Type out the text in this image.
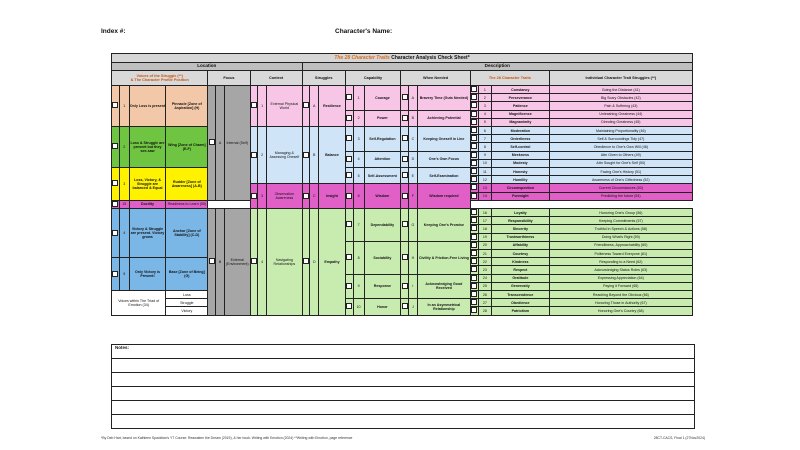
Index #:	Character's Name:
The 28 Character Traits Character Analysis Check Sheet*																						
Location										Description												
Voices of the Struggle (**)
& The Character Profile Position				Focus			Context			Struggles			Capability			When Needed			The 28 Character Traits			Individual Character Trait Struggles (**)
	1	Only Loss is present	Pinnacle [Zone of Aspiration] (H)		A	Internal (Self)		1	External Physical World		A	Resilience		1	Courage		A	Bravery Time (Guts Needed)		1	Constancy	Going the Distance (41)
																				2	Perseverance	Big Scary Obstacles (42)
																				3	Patience	Pain & Suffering (43)
														2	Power		B	Achieving Potential		4	Magnificence	Unleashing Greatness (44)
																				5	Magnanimity	Directing Greatness (45)
	2	Loss & Struggle are present but they see-saw	Wing [Zone of Charm] (E-F)					2	Managing & Assessing Oneself		B	Balance		3	Self-Regulation		C	Keeping Oneself in Line		6	Moderation	Maintaining Proportionality (46)
																				7	Orderliness	Self & Surroundings Tidy (47)
																				8	Self-control	Obedience to One's Own Will (48)
														4	Attention		D	One's Own Focus		9	Meekness	Attn Given to Others (49)
																				10	Modesty	Attn Sought for One's Self (50)
	3	Loss, Victory, & Struggle are balanced & Equal	Rudder [Zone of Awareness] (A-B)											5	Self-Assessment		E	Self-Examination		11	Honesty	Facing One's History (51)
																				12	Humility	Awareness of One's Giftedness (52)
								3	Observation Awareness		C	Insight		6	Wisdom		F	Wisdom required		13	Circumspection	Current Circumstances (53)
																				14	Foresight	Predicting the future (54)
	15	Docility	Readiness to Learn (55)																			
	4	Victory & Struggle are present. Victory grows	Anchor [Zone of Stability] (C-D)		B	External (Environment)		4	Navigating Relationships		D	Empathy		7	Dependability		G	Keeping One's Promise		16	Loyalty	Honoring One's Group (56)
																				17	Responsibility	Keeping Commitments (57)
																				18	Sincerity	Truthful in Speech & Actions (58)
																				19	Trustworthiness	Doing What's Right (59)
														8	Sociability		H	Civility & Friction-Free Living		20	Affability	Friendliness, Approachability (60)
																				21	Courtesy	Politeness Toward Everyone (61)
	5	Only Victory is Present!	Base [Zone of Being] (G)																	22	Kindness	Responding to a Need (62)
																				23	Respect	Acknowledging Status Roles (63)
														9	Response		I	Acknowledging Good Received		24	Gratitude	Expressing Appreciation (64)
																				25	Generosity	Paying it Forward (65)
Voices within The Triad of Emotion (34)			Loss																	26	Transcendence	Reaching Beyond the Obvious (66)
			Struggle											10	Honor		J	In an Asymmetrical Relationship		27	Obedience	Honoring Those in Authority (67)
			Victory																	28	Patriotism	Honoring One's Country (68)
Notes:
*By Deb Hart, based on Kathleen Spacktian's YT Course: Reawaken the Dream (2019), & her book: Writing with Emotion (2024) **Writing with Emotion, page reference	28CT-CACS, Final 1 (27Nov2024)
